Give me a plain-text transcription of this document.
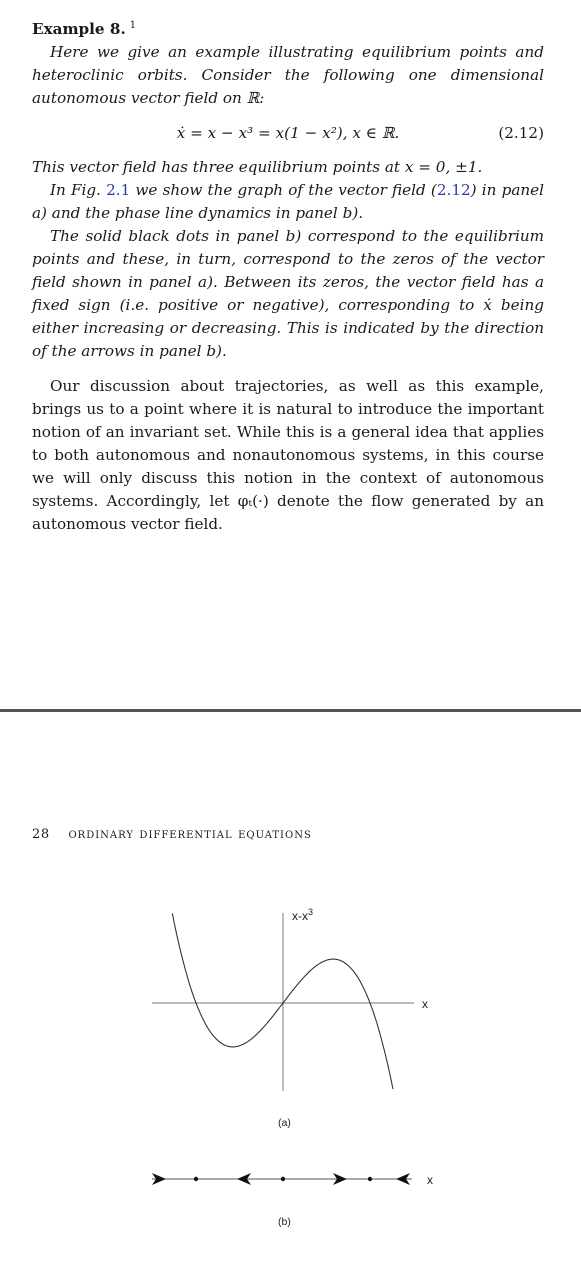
Example 8. $^1$

Here we give an example illustrating equilibrium points and heteroclinic orbits. Consider the following one dimensional autonomous vector field on ℝ:

ẋ = x − x³ = x(1 − x²), x ∈ ℝ.	(2.12)

This vector field has three equilibrium points at x = 0, ±1.

In Fig. 2.1 we show the graph of the vector field (2.12) in panel a) and the phase line dynamics in panel b).

The solid black dots in panel b) correspond to the equilibrium points and these, in turn, correspond to the zeros of the vector field shown in panel a). Between its zeros, the vector field has a fixed sign (i.e. positive or negative), corresponding to ẋ being either increasing or decreasing. This is indicated by the direction of the arrows in panel b).

Our discussion about trajectories, as well as this example, brings us to a point where it is natural to introduce the important notion of an invariant set. While this is a general idea that applies to both autonomous and nonautonomous systems, in this course we will only discuss this notion in the context of autonomous systems. Accordingly, let φₜ(·) denote the flow generated by an autonomous vector field.

28 ordinary differential equations
$x-x^3$
x
(a)
x
(b)
